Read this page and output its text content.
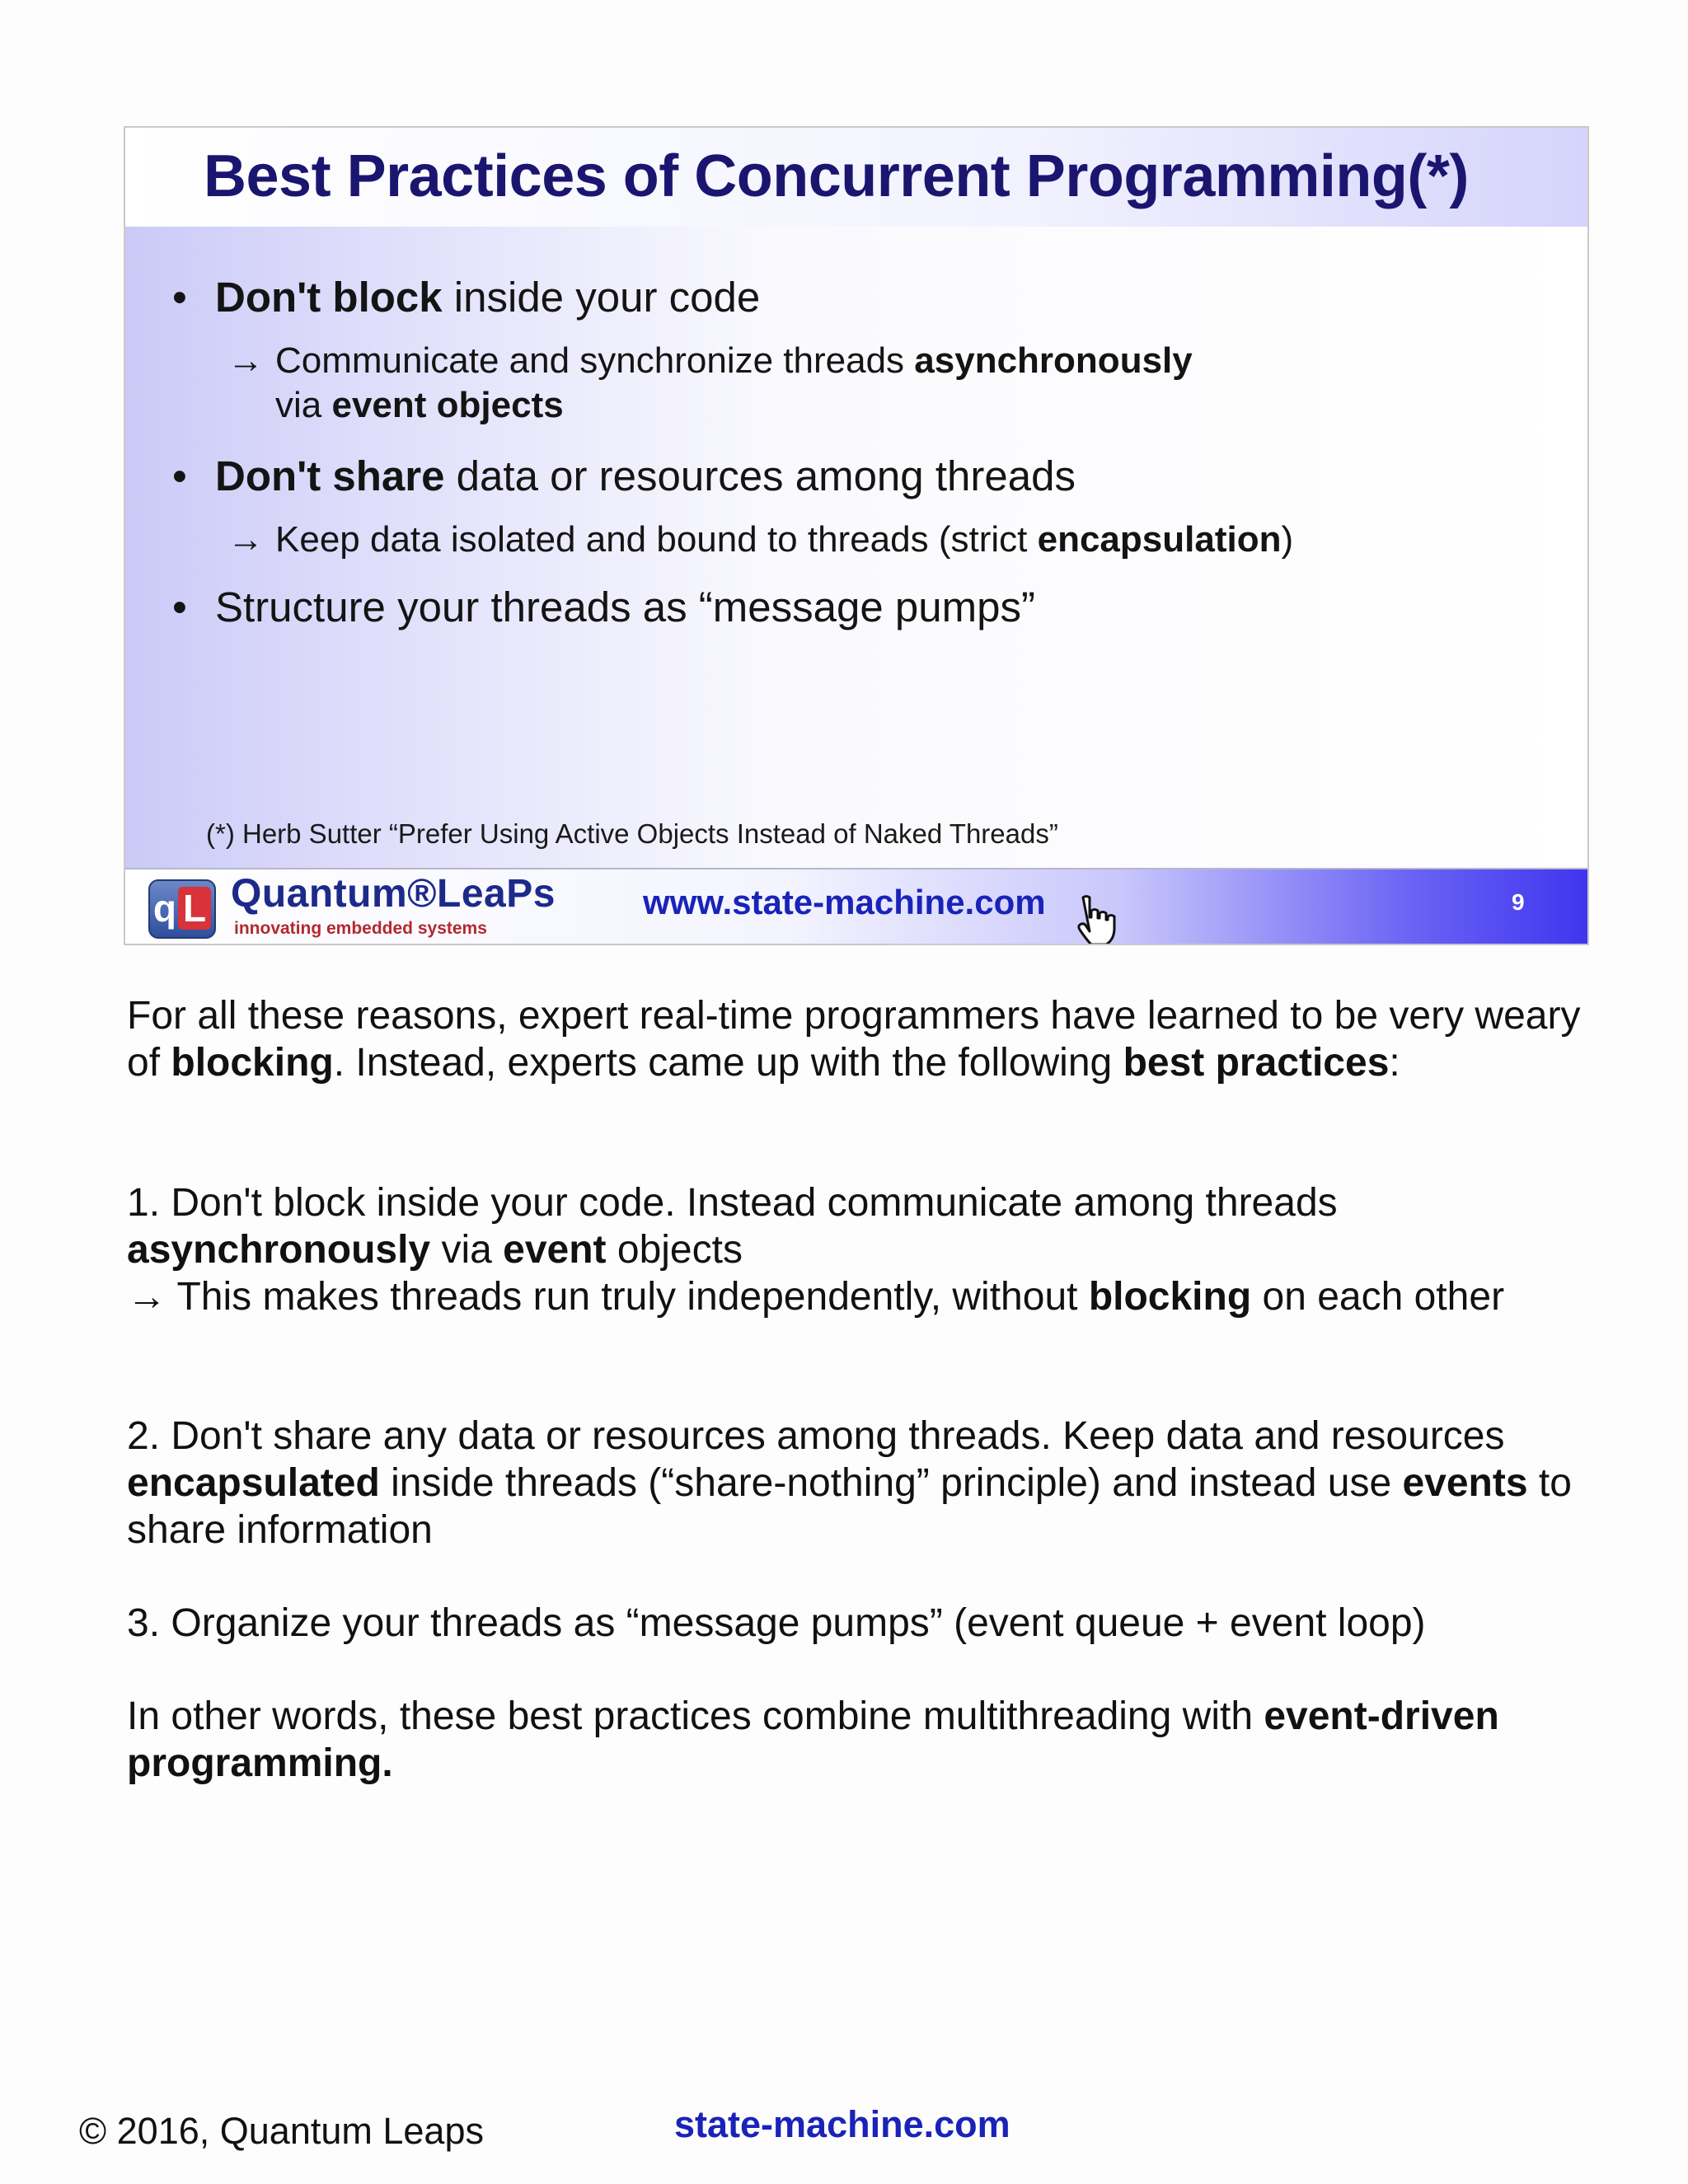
Best Practices of Concurrent Programming(*)
• Don't block inside your code
→ Communicate and synchronize threads asynchronously
via event objects
• Don't share data or resources among threads
→ Keep data isolated and bound to threads (strict encapsulation)
• Structure your threads as “message pumps”
(*) Herb Sutter “Prefer Using Active Objects Instead of Naked Threads”
q L Quantum®LeaPs
innovating embedded systems
www.state-machine.com	9
For all these reasons, expert real-time programmers have learned to be very weary of blocking. Instead, experts came up with the following best practices:
1. Don't block inside your code. Instead communicate among threads asynchronously via event objects
→ This makes threads run truly independently, without blocking on each other
2. Don't share any data or resources among threads. Keep data and resources encapsulated inside threads (“share-nothing” principle) and instead use events to share information
3. Organize your threads as “message pumps” (event queue + event loop)
In other words, these best practices combine multithreading with event-driven programming.
© 2016, Quantum Leaps	state-machine.com
